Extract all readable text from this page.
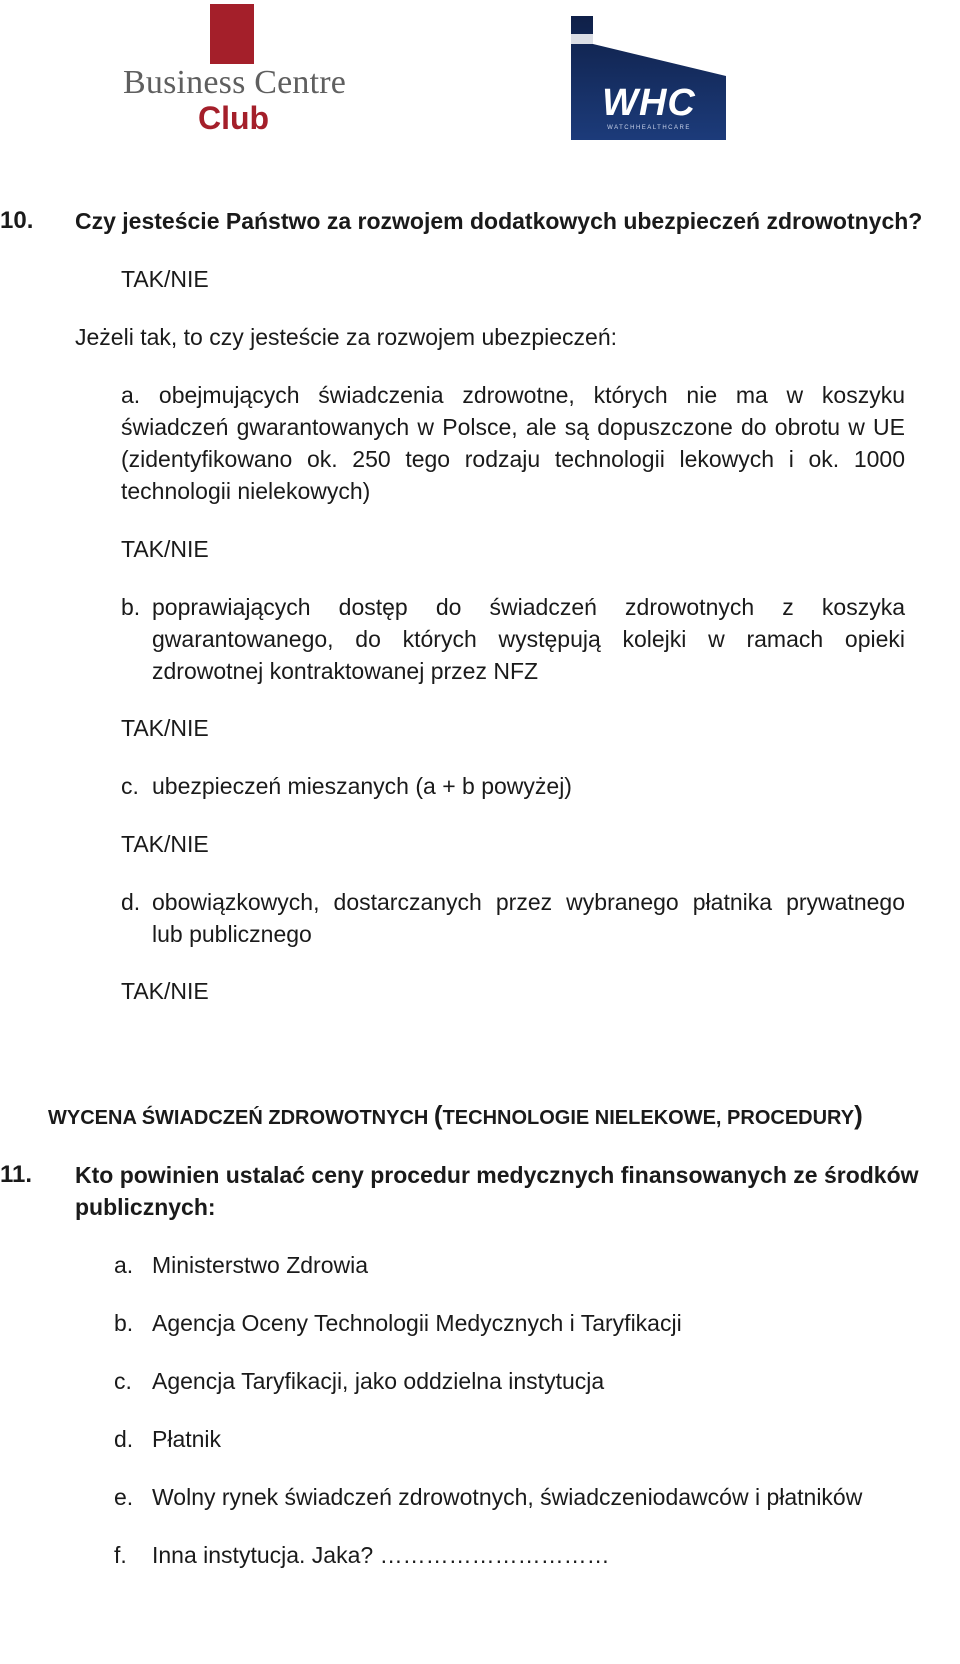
Business Centre
Club	WHC
WATCHHEALTHCARE
10. Czy jesteście Państwo za rozwojem dodatkowych ubezpieczeń zdrowotnych?
TAK/NIE
Jeżeli tak, to czy jesteście za rozwojem ubezpieczeń:
a. obejmujących świadczenia zdrowotne, których nie ma w koszyku
świadczeń gwarantowanych w Polsce, ale są dopuszczone do obrotu w UE
(zidentyfikowano ok. 250 tego rodzaju technologii lekowych i ok. 1000
technologii nielekowych)
TAK/NIE
b. poprawiających dostęp do świadczeń zdrowotnych z koszyka
gwarantowanego, do których występują kolejki w ramach opieki
zdrowotnej kontraktowanej przez NFZ
TAK/NIE
c. ubezpieczeń mieszanych (a + b powyżej)
TAK/NIE
d. obowiązkowych, dostarczanych przez wybranego płatnika prywatnego
lub publicznego
TAK/NIE
WYCENA ŚWIADCZEŃ ZDROWOTNYCH (TECHNOLOGIE NIELEKOWE, PROCEDURY)
11. Kto powinien ustalać ceny procedur medycznych finansowanych ze środków
publicznych:
a. Ministerstwo Zdrowia
b. Agencja Oceny Technologii Medycznych i Taryfikacji
c. Agencja Taryfikacji, jako oddzielna instytucja
d. Płatnik
e. Wolny rynek świadczeń zdrowotnych, świadczeniodawców i płatników
f. Inna instytucja. Jaka? …………………………
